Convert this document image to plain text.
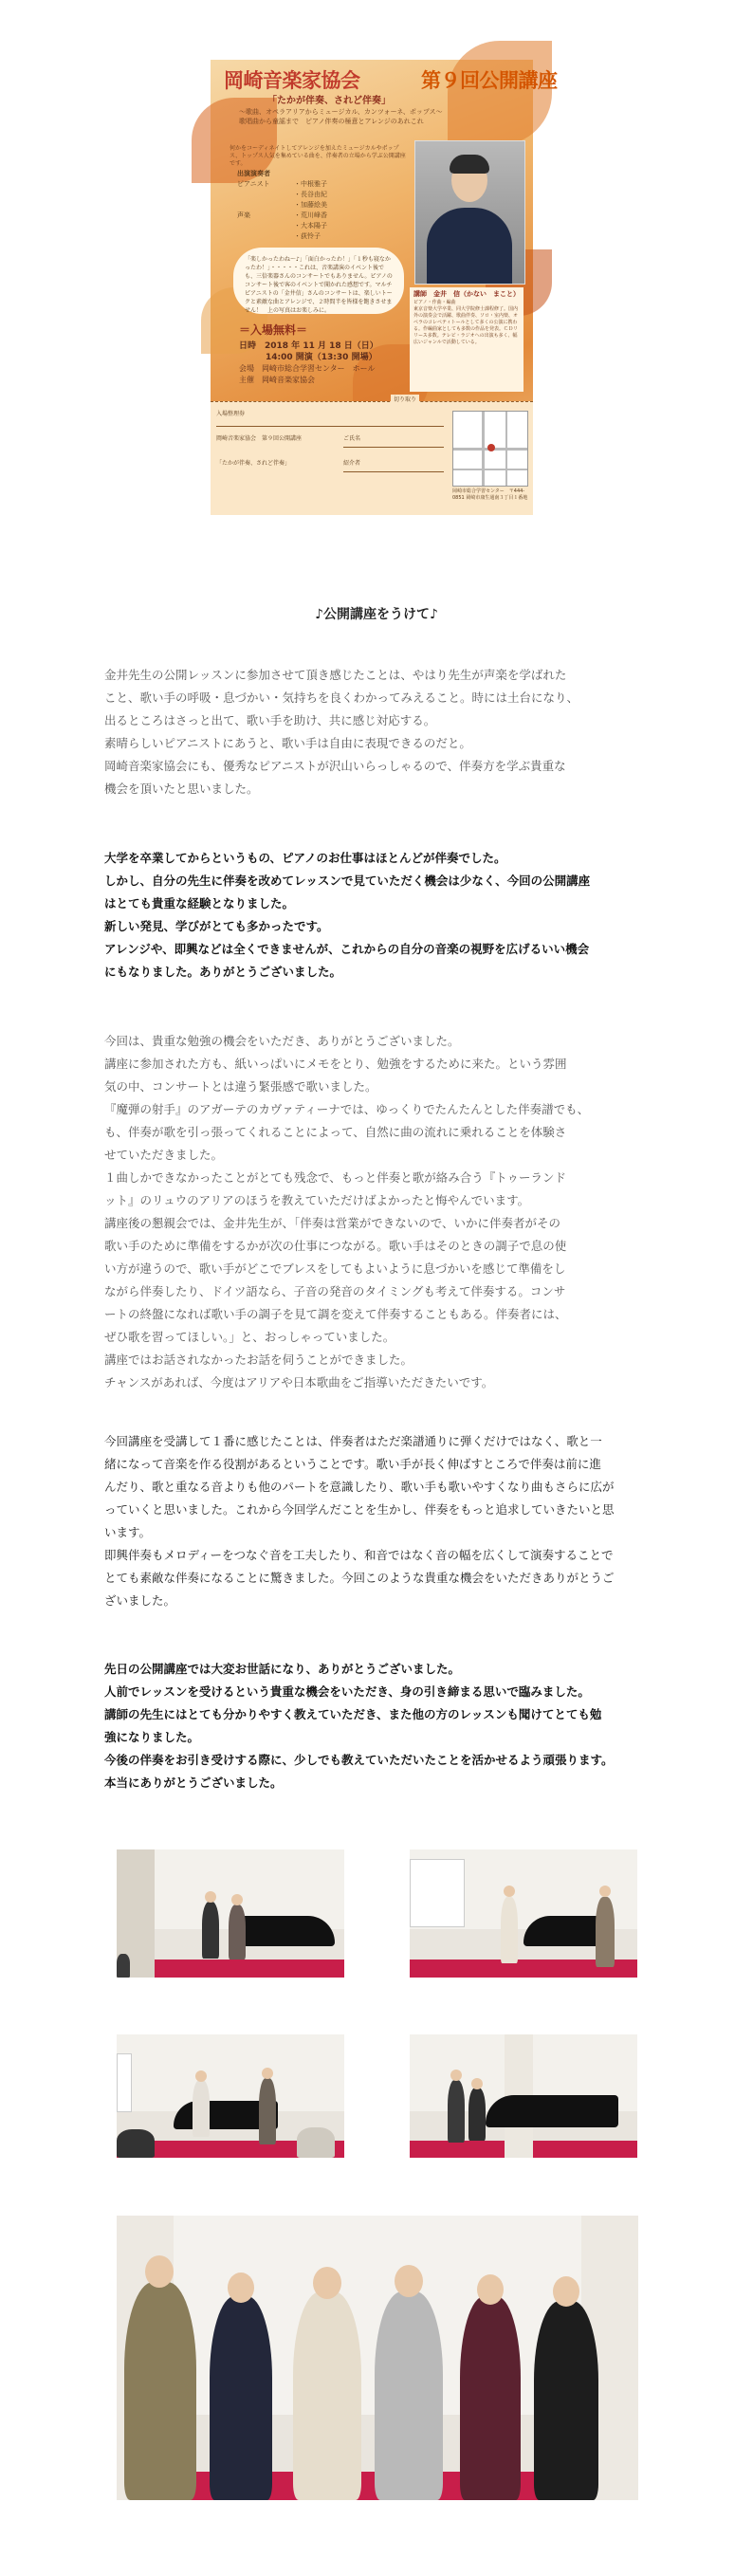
岡崎音楽家協会	第９回公開講座
「たかが伴奏、されど伴奏」
～歌曲、オペラアリアからミュージカル、カンツォーネ、ポップス～
歌唱曲から童謡まで　ピアノ伴奏の極意とアレンジのあれこれ
何かをコーディネイトしてアレンジを加えたミュージカルやポップス、トップス人気を集めている曲を、伴奏者の立場から学ぶ公開講座です。
出演演奏者
ピアニスト	・中根雅子
・長谷由紀
・加藤絵美
声楽	・荒川峰香
・大本陽子
・荻怜子
「楽しかったわね～♪」「面白かったわ！」「１秒も寝なかったわ！」・・・・・これは、音楽講演のイベント後でも、三倍楽器さんのコンサートでもありません。ピアノのコンサート後で客のイベントで聞かれた感想です。マルチピアニストの「金井信」さんのコンサートは、楽しいトークと素敵な曲とアレンジで、２時間半を皆様を飽きさせません！　上の写真はお楽しみに。
講師　金井　信（かない　まこと）
ピアノ・作曲・編曲
東京音楽大学卒業、同大学院修士課程修了。国内外の演奏会で活躍、歌曲伴奏、ソロ・室内楽、オペラのコレペティトールとして多くの公演に携わる。作編曲家としても多数の作品を発表。ＣＤリリース多数。テレビ・ラジオへの出演も多く、幅広いジャンルで活動している。
＝入場無料＝
日時　2018 年 11 月 18 日（日）
14:00 開演（13:30 開場）
会場　岡崎市総合学習センター　ホール
主催　岡崎音楽家協会
切り取り
入場整理券
岡崎音楽家協会　第９回公開講座
「たかが伴奏、されど伴奏」
ご氏名
紹介者
岡崎市総合学習センター　〒444-0851 岡崎市康生通南３丁目１番地
♪公開講座をうけて♪
金井先生の公開レッスンに参加させて頂き感じたことは、やはり先生が声楽を学ばれた
こと、歌い手の呼吸・息づかい・気持ちを良くわかってみえること。時には土台になり、
出るところはさっと出て、歌い手を助け、共に感じ対応する。
素晴らしいピアニストにあうと、歌い手は自由に表現できるのだと。
岡崎音楽家協会にも、優秀なピアニストが沢山いらっしゃるので、伴奏方を学ぶ貴重な
機会を頂いたと思いました。
大学を卒業してからというもの、ピアノのお仕事はほとんどが伴奏でした。
しかし、自分の先生に伴奏を改めてレッスンで見ていただく機会は少なく、今回の公開講座
はとても貴重な経験となりました。
新しい発見、学びがとても多かったです。
アレンジや、即興などは全くできませんが、これからの自分の音楽の視野を広げるいい機会
にもなりました。ありがとうございました。
今回は、貴重な勉強の機会をいただき、ありがとうございました。
講座に参加された方も、紙いっぱいにメモをとり、勉強をするために来た。という雰囲
気の中、コンサートとは違う緊張感で歌いました。
『魔弾の射手』のアガーテのカヴァティーナでは、ゆっくりでたんたんとした伴奏譜でも、
も、伴奏が歌を引っ張ってくれることによって、自然に曲の流れに乗れることを体験さ
せていただきました。
１曲しかできなかったことがとても残念で、もっと伴奏と歌が絡み合う『トゥーランド
ット』のリュウのアリアのほうを教えていただけばよかったと悔やんでいます。
講座後の懇親会では、金井先生が、「伴奏は営業ができないので、いかに伴奏者がその
歌い手のために準備をするかが次の仕事につながる。歌い手はそのときの調子で息の使
い方が違うので、歌い手がどこでブレスをしてもよいように息づかいを感じて準備をし
ながら伴奏したり、ドイツ語なら、子音の発音のタイミングも考えて伴奏する。コンサ
ートの終盤になれば歌い手の調子を見て調を変えて伴奏することもある。伴奏者には、
ぜひ歌を習ってほしい。」と、おっしゃっていました。
講座ではお話されなかったお話を伺うことができました。
チャンスがあれば、今度はアリアや日本歌曲をご指導いただきたいです。
今回講座を受講して１番に感じたことは、伴奏者はただ楽譜通りに弾くだけではなく、歌と一
緒になって音楽を作る役割があるということです。歌い手が長く伸ばすところで伴奏は前に進
んだり、歌と重なる音よりも他のパートを意識したり、歌い手も歌いやすくなり曲もさらに広が
っていくと思いました。これから今回学んだことを生かし、伴奏をもっと追求していきたいと思
います。
即興伴奏もメロディーをつなぐ音を工夫したり、和音ではなく音の幅を広くして演奏することで
とても素敵な伴奏になることに驚きました。今回このような貴重な機会をいただきありがとうご
ざいました。
先日の公開講座では大変お世話になり、ありがとうございました。
人前でレッスンを受けるという貴重な機会をいただき、身の引き締まる思いで臨みました。
講師の先生にはとても分かりやすく教えていただき、また他の方のレッスンも聞けてとても勉
強になりました。
今後の伴奏をお引き受けする際に、少しでも教えていただいたことを活かせるよう頑張ります。
本当にありがとうございました。
